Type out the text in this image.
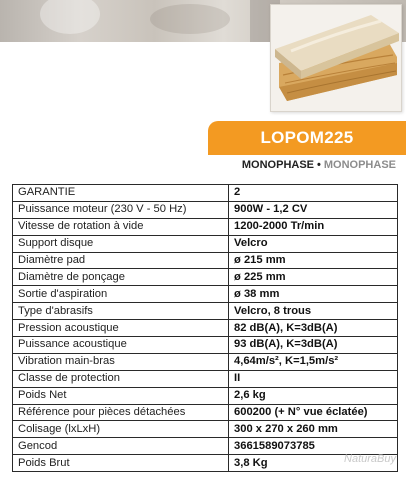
LOPOM225
MONOPHASE • MONOPHASE
GARANTIE	2
Puissance moteur (230 V - 50 Hz)	900W - 1,2 CV
Vitesse de rotation à vide	1200-2000 Tr/min
Support disque	Velcro
Diamètre pad	ø 215 mm
Diamètre de ponçage	ø 225 mm
Sortie d'aspiration	ø 38 mm
Type d'abrasifs	Velcro, 8 trous
Pression acoustique	82 dB(A), K=3dB(A)
Puissance acoustique	93 dB(A), K=3dB(A)
Vibration main-bras	4,64m/s², K=1,5m/s²
Classe de protection	II
Poids Net	2,6 kg
Référence pour pièces détachées	600200 (+ N° vue éclatée)
Colisage (lxLxH)	300 x 270 x 260 mm
Gencod	3661589073785
Poids Brut	3,8 Kg	NaturaBuy
